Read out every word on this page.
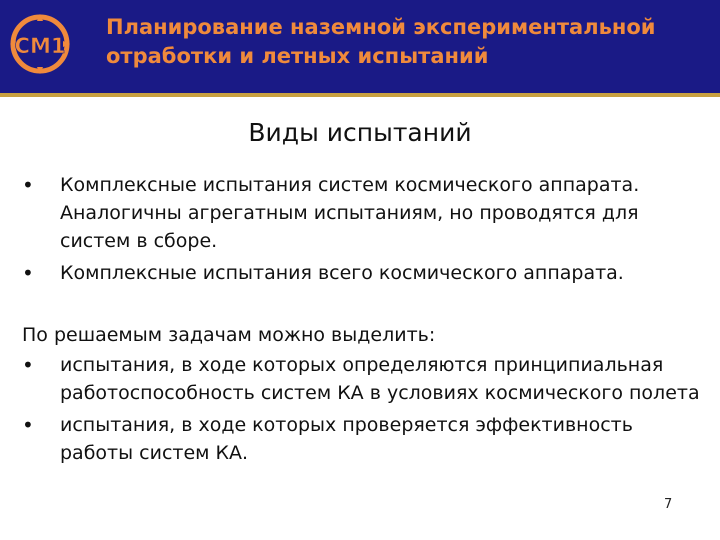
СМ1
Планирование наземной экспериментальной
отработки и летных испытаний
Виды испытаний
•	Комплексные испытания систем космического аппарата. Аналогичны агрегатным испытаниям, но проводятся для систем в сборе.
•	Комплексные испытания всего космического аппарата.
По решаемым задачам можно выделить:
•	испытания, в ходе которых определяются принципиальная работоспособность систем КА в условиях космического полета
•	испытания, в ходе которых проверяется эффективность работы систем КА.
7
